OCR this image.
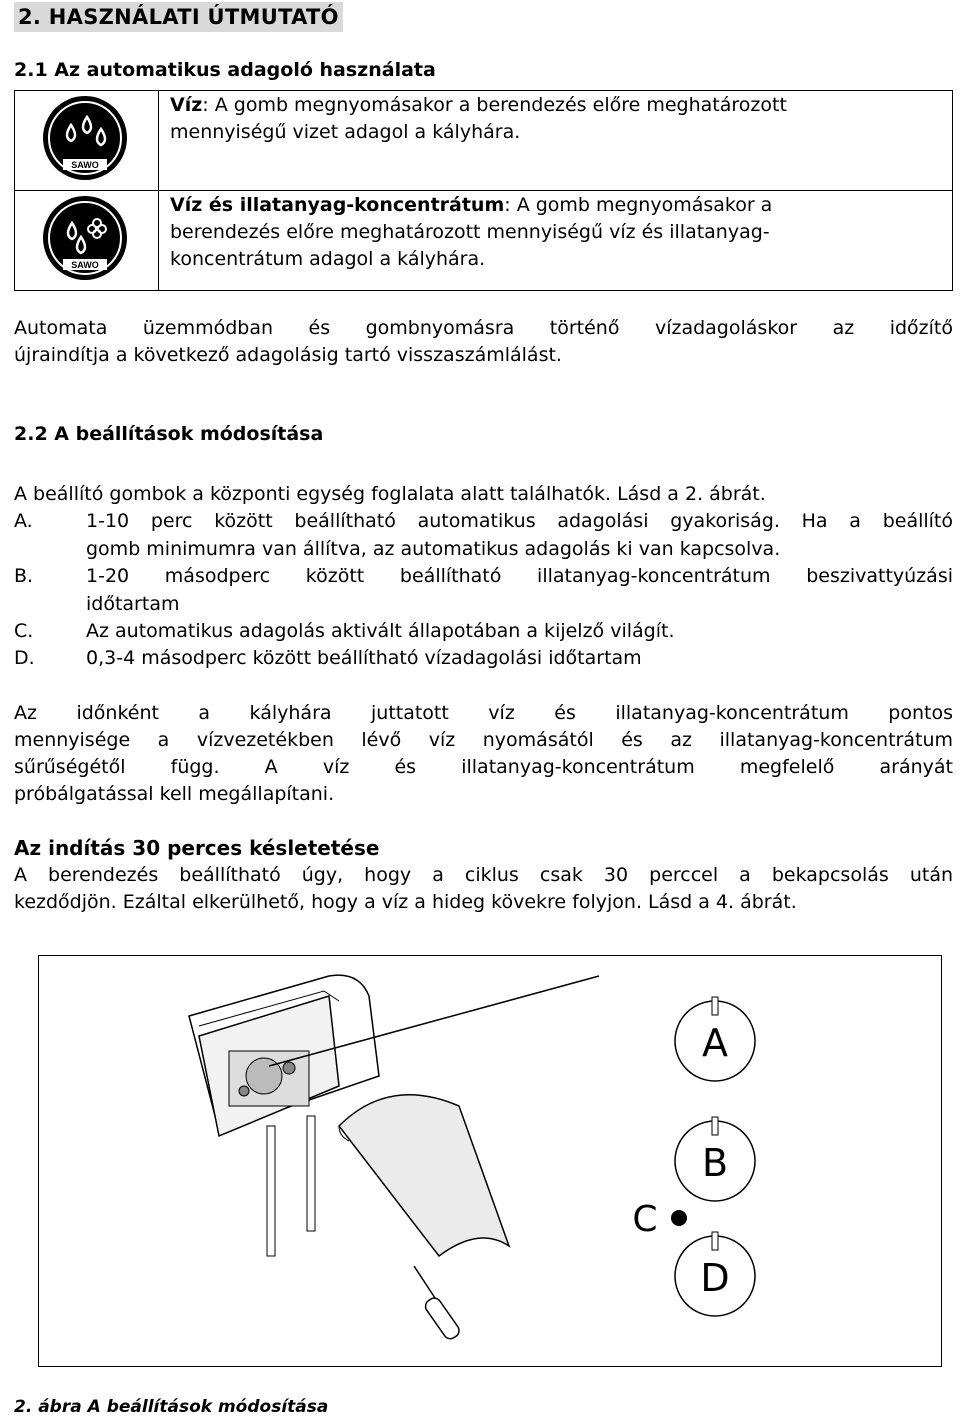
2. HASZNÁLATI ÚTMUTATÓ
2.1 Az automatikus adagoló használata
SAWO	Víz: A gomb megnyomásakor a berendezés előre meghatározott
mennyiségű vizet adagol a kályhára.

SAWO	Víz és illatanyag-koncentrátum: A gomb megnyomásakor a
berendezés előre meghatározott mennyiségű víz és illatanyag-
koncentrátum adagol a kályhára.
Automata üzemmódban és gombnyomásra történő vízadagoláskor az időzítő
újraindítja a következő adagolásig tartó visszaszámlálást.
2.2 A beállítások módosítása
A beállító gombok a központi egység foglalata alatt találhatók. Lásd a 2. ábrát.
A.	1-10 perc között beállítható automatikus adagolási gyakoriság. Ha a beállító
gomb minimumra van állítva, az automatikus adagolás ki van kapcsolva.
B.	1-20 másodperc között beállítható illatanyag-koncentrátum beszivattyúzási
időtartam
C.	Az automatikus adagolás aktivált állapotában a kijelző világít.
D.	0,3-4 másodperc között beállítható vízadagolási időtartam
Az időnként a kályhára juttatott víz és illatanyag-koncentrátum pontos
mennyisége a vízvezetékben lévő víz nyomásától és az illatanyag-koncentrátum
sűrűségétől függ. A víz és illatanyag-koncentrátum megfelelő arányát
próbálgatással kell megállapítani.
Az indítás 30 perces késletetése
A berendezés beállítható úgy, hogy a ciklus csak 30 perccel a bekapcsolás után
kezdődjön. Ezáltal elkerülhető, hogy a víz a hideg kövekre folyjon. Lásd a 4. ábrát.
A
B
C
D
2. ábra A beállítások módosítása
